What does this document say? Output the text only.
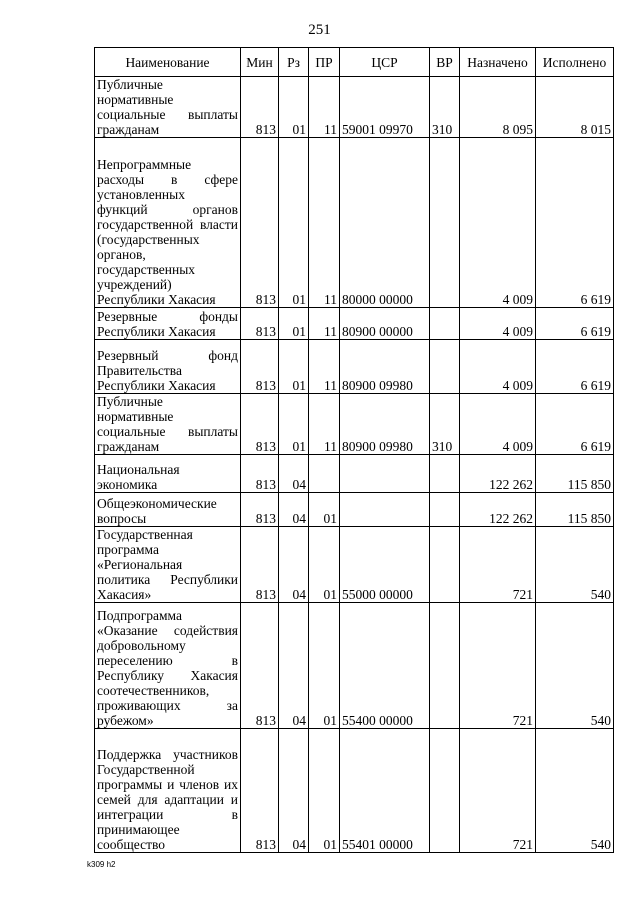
251
Наименование	Мин	Рз	ПР	ЦСР	ВР	Назначено	Исполнено
Публичные нормативные социальные выплаты гражданам	813	01	11	59001 09970	310	8 095	8 015
Непрограммные расходы в сфере установленных функций органов государственной власти (государственных органов, государственных учреждений) Республики Хакасия	813	01	11	80000 00000		4 009	6 619
Резервные фонды Республики Хакасия	813	01	11	80900 00000		4 009	6 619
Резервный фонд Правительства Республики Хакасия	813	01	11	80900 09980		4 009	6 619
Публичные нормативные социальные выплаты гражданам	813	01	11	80900 09980	310	4 009	6 619
Национальная экономика	813	04				122 262	115 850
Общеэкономические вопросы	813	04	01			122 262	115 850
Государственная программа «Региональная политика Республики Хакасия»	813	04	01	55000 00000		721	540
Подпрограмма «Оказание содействия добровольному переселению в Республику Хакасия соотечественников, проживающих за рубежом»	813	04	01	55400 00000		721	540
Поддержка участников Государственной программы и членов их семей для адаптации и интеграции в принимающее сообщество	813	04	01	55401 00000		721	540
k309 h2
